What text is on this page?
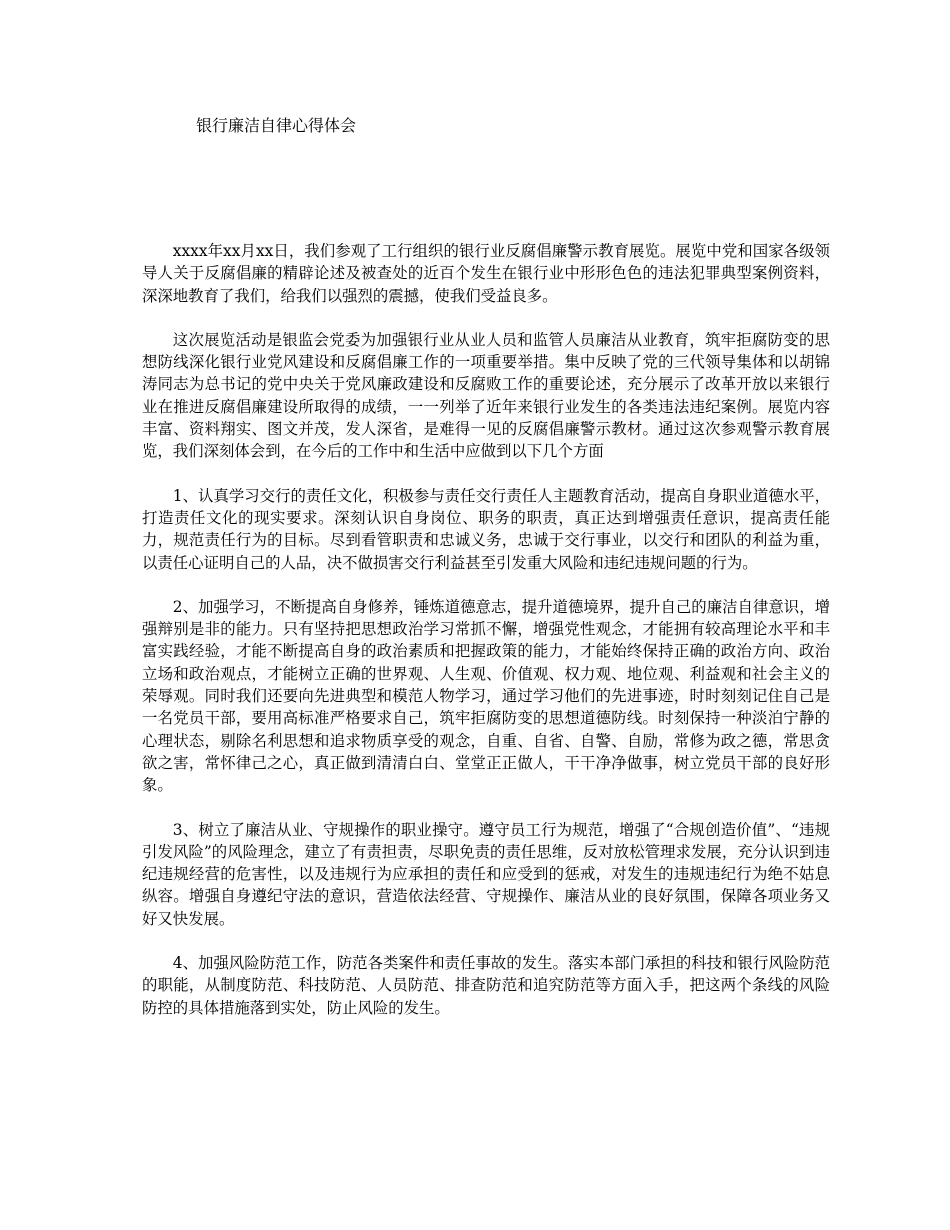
银行廉洁自律心得体会

xxxx年xx月xx日，我们参观了工行组织的银行业反腐倡廉警示教育展览。展览中党和国家各级领导人关于反腐倡廉的精辟论述及被查处的近百个发生在银行业中形形色色的违法犯罪典型案例资料，深深地教育了我们，给我们以强烈的震撼，使我们受益良多。

这次展览活动是银监会党委为加强银行业从业人员和监管人员廉洁从业教育，筑牢拒腐防变的思想防线深化银行业党风建设和反腐倡廉工作的一项重要举措。集中反映了党的三代领导集体和以胡锦涛同志为总书记的党中央关于党风廉政建设和反腐败工作的重要论述，充分展示了改革开放以来银行业在推进反腐倡廉建设所取得的成绩，一一列举了近年来银行业发生的各类违法违纪案例。展览内容丰富、资料翔实、图文并茂，发人深省，是难得一见的反腐倡廉警示教材。通过这次参观警示教育展览，我们深刻体会到，在今后的工作中和生活中应做到以下几个方面

1、认真学习交行的责任文化，积极参与责任交行责任人主题教育活动，提高自身职业道德水平，打造责任文化的现实要求。深刻认识自身岗位、职务的职责，真正达到增强责任意识，提高责任能力，规范责任行为的目标。尽到看管职责和忠诚义务，忠诚于交行事业，以交行和团队的利益为重，以责任心证明自己的人品，决不做损害交行利益甚至引发重大风险和违纪违规问题的行为。

2、加强学习，不断提高自身修养，锤炼道德意志，提升道德境界，提升自己的廉洁自律意识，增强辩别是非的能力。只有坚持把思想政治学习常抓不懈，增强党性观念，才能拥有较高理论水平和丰富实践经验，才能不断提高自身的政治素质和把握政策的能力，才能始终保持正确的政治方向、政治立场和政治观点，才能树立正确的世界观、人生观、价值观、权力观、地位观、利益观和社会主义的荣辱观。同时我们还要向先进典型和模范人物学习，通过学习他们的先进事迹，时时刻刻记住自己是一名党员干部，要用高标准严格要求自己，筑牢拒腐防变的思想道德防线。时刻保持一种淡泊宁静的心理状态，剔除名利思想和追求物质享受的观念，自重、自省、自警、自励，常修为政之德，常思贪欲之害，常怀律己之心，真正做到清清白白、堂堂正正做人，干干净净做事，树立党员干部的良好形象。

3、树立了廉洁从业、守规操作的职业操守。遵守员工行为规范，增强了“合规创造价值”、“违规引发风险”的风险理念，建立了有责担责，尽职免责的责任思维，反对放松管理求发展，充分认识到违纪违规经营的危害性，以及违规行为应承担的责任和应受到的惩戒，对发生的违规违纪行为绝不姑息纵容。增强自身遵纪守法的意识，营造依法经营、守规操作、廉洁从业的良好氛围，保障各项业务又好又快发展。

4、加强风险防范工作，防范各类案件和责任事故的发生。落实本部门承担的科技和银行风险防范的职能，从制度防范、科技防范、人员防范、排查防范和追究防范等方面入手，把这两个条线的风险防控的具体措施落到实处，防止风险的发生。
